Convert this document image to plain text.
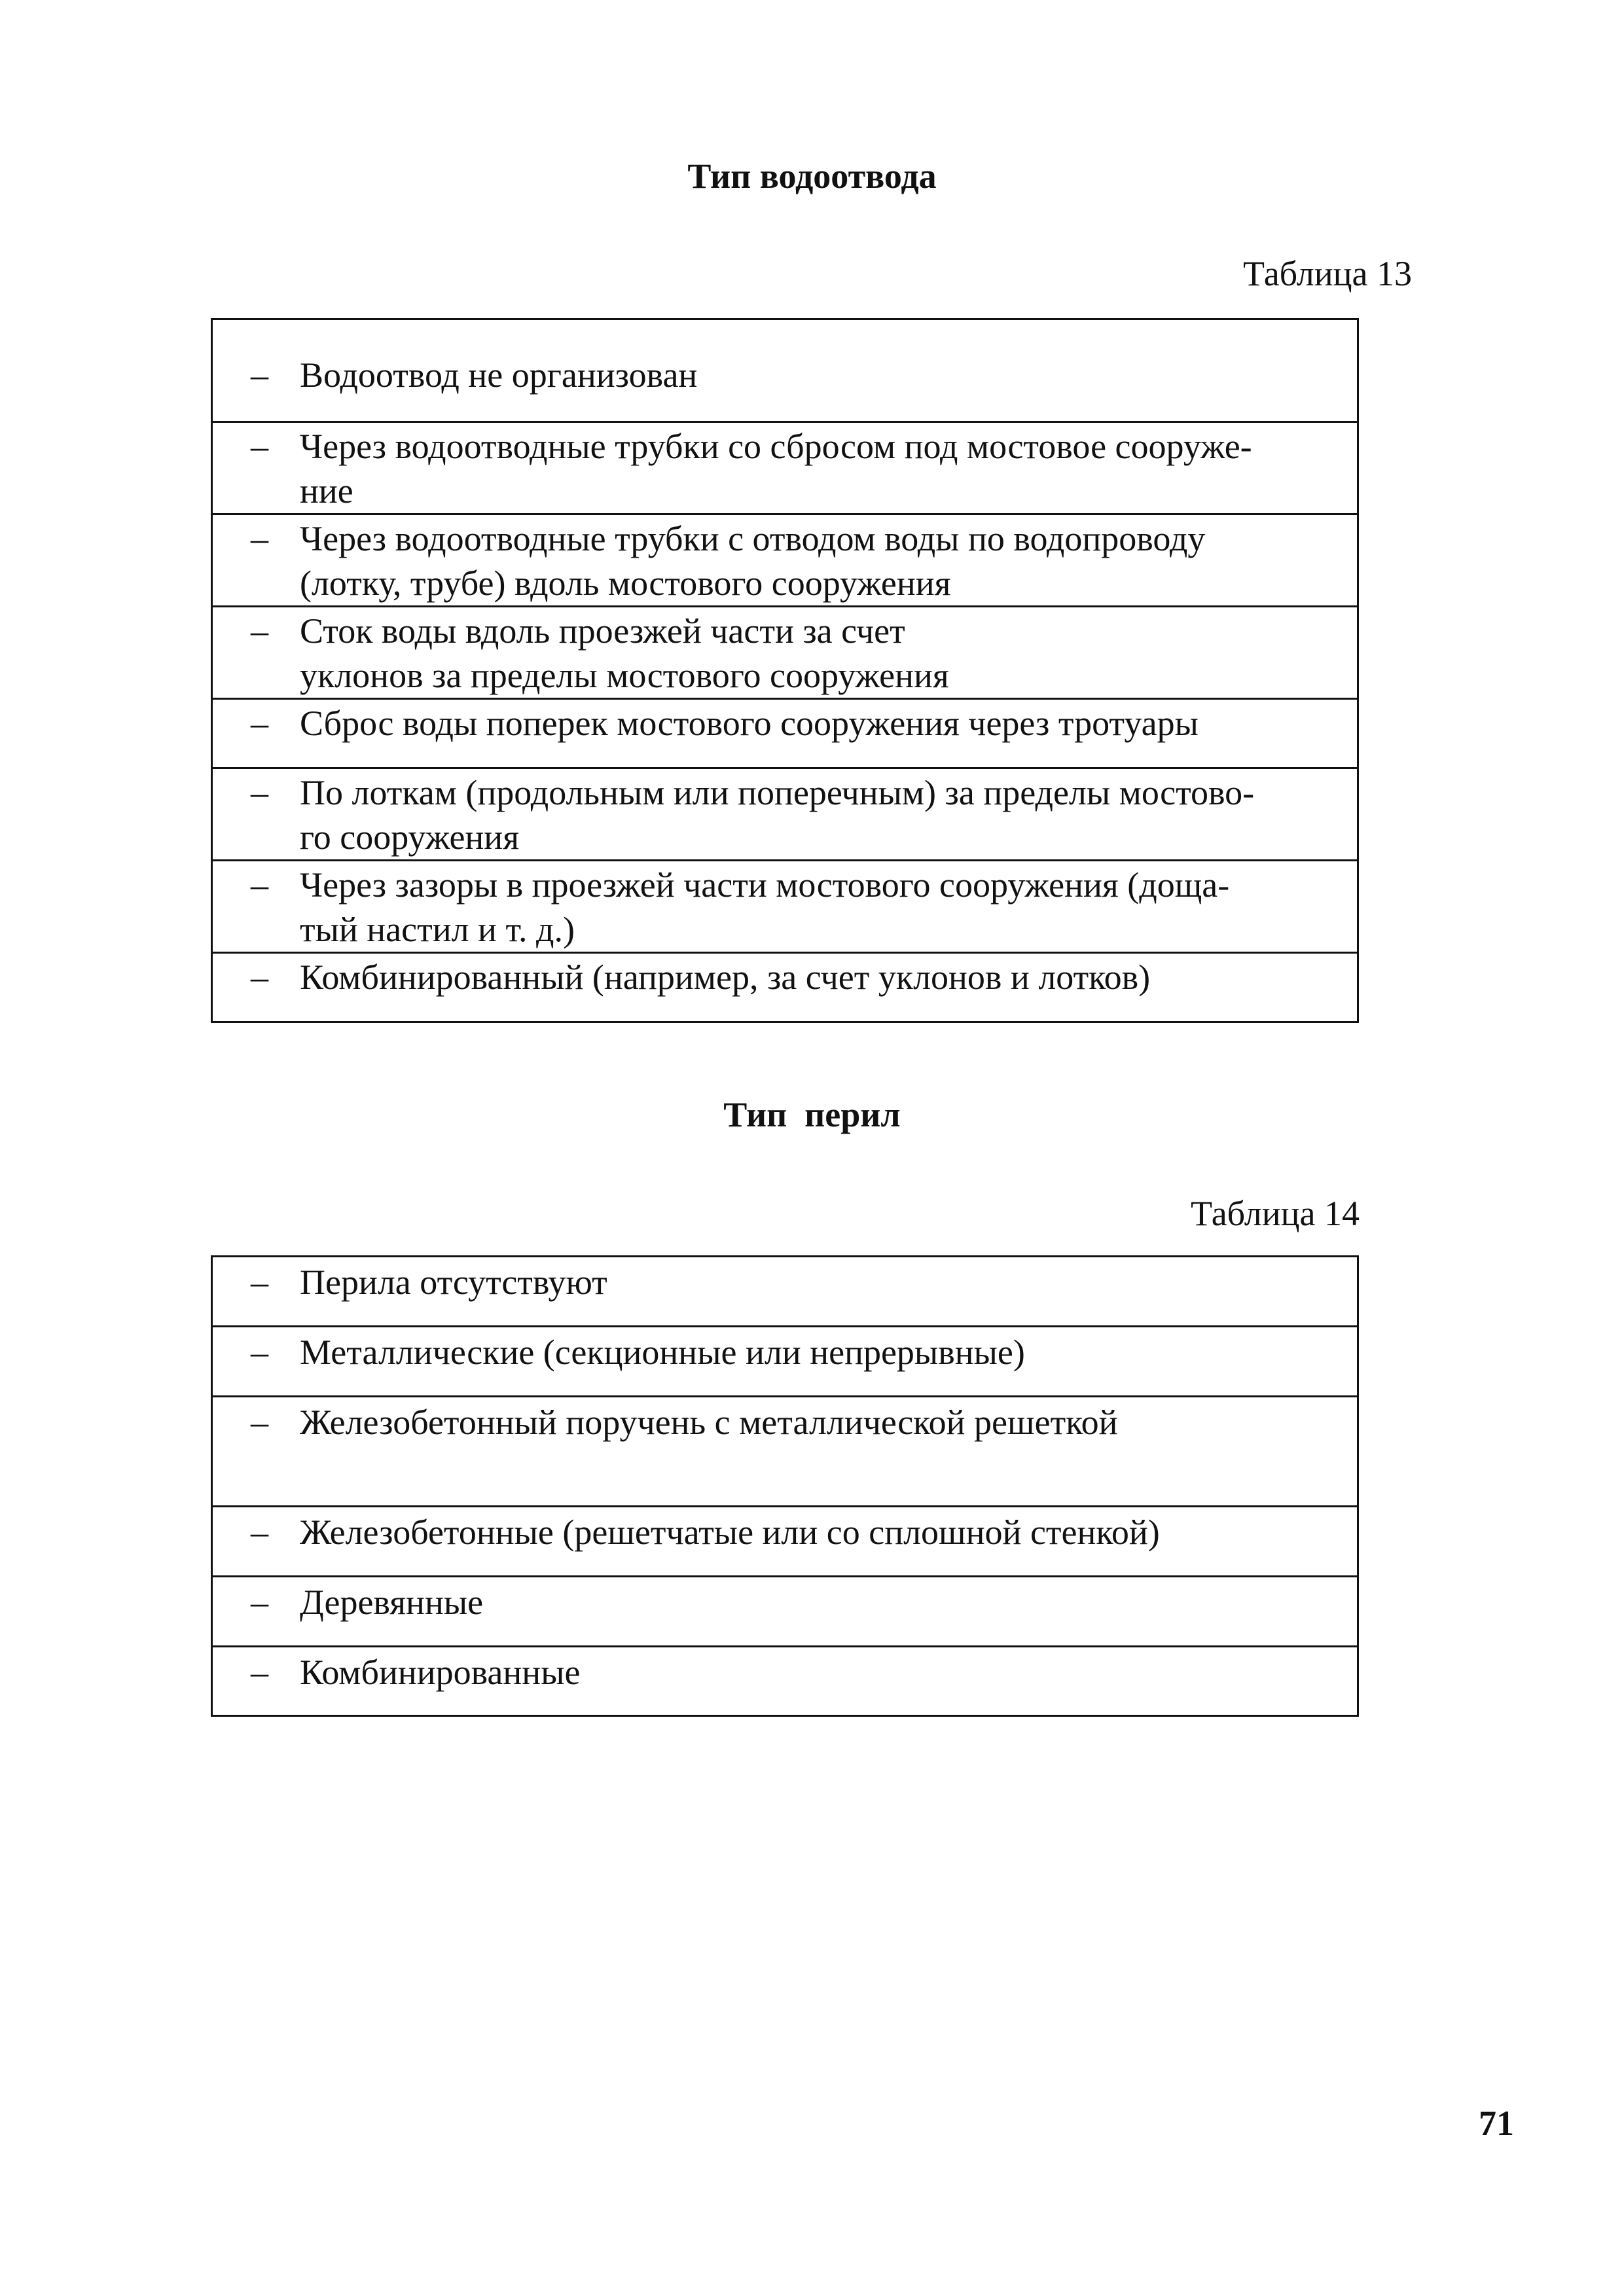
Тип водоотвода
Таблица 13
– Водоотвод не организован
– Через водоотводные трубки со сбросом под мостовое сооруже-
ние
– Через водоотводные трубки с отводом воды по водопроводу
(лотку, трубе) вдоль мостового сооружения
– Сток воды вдоль проезжей части за счет
уклонов за пределы мостового сооружения
– Сброс воды поперек мостового сооружения через тротуары
– По лоткам (продольным или поперечным) за пределы мостово-
го сооружения
– Через зазоры в проезжей части мостового сооружения (доща-
тый настил и т. д.)
– Комбинированный (например, за счет уклонов и лотков)
Тип  перил
Таблица 14
– Перила отсутствуют
– Металлические (секционные или непрерывные)
– Железобетонный поручень с металлической решеткой
– Железобетонные (решетчатые или со сплошной стенкой)
– Деревянные
– Комбинированные
71
